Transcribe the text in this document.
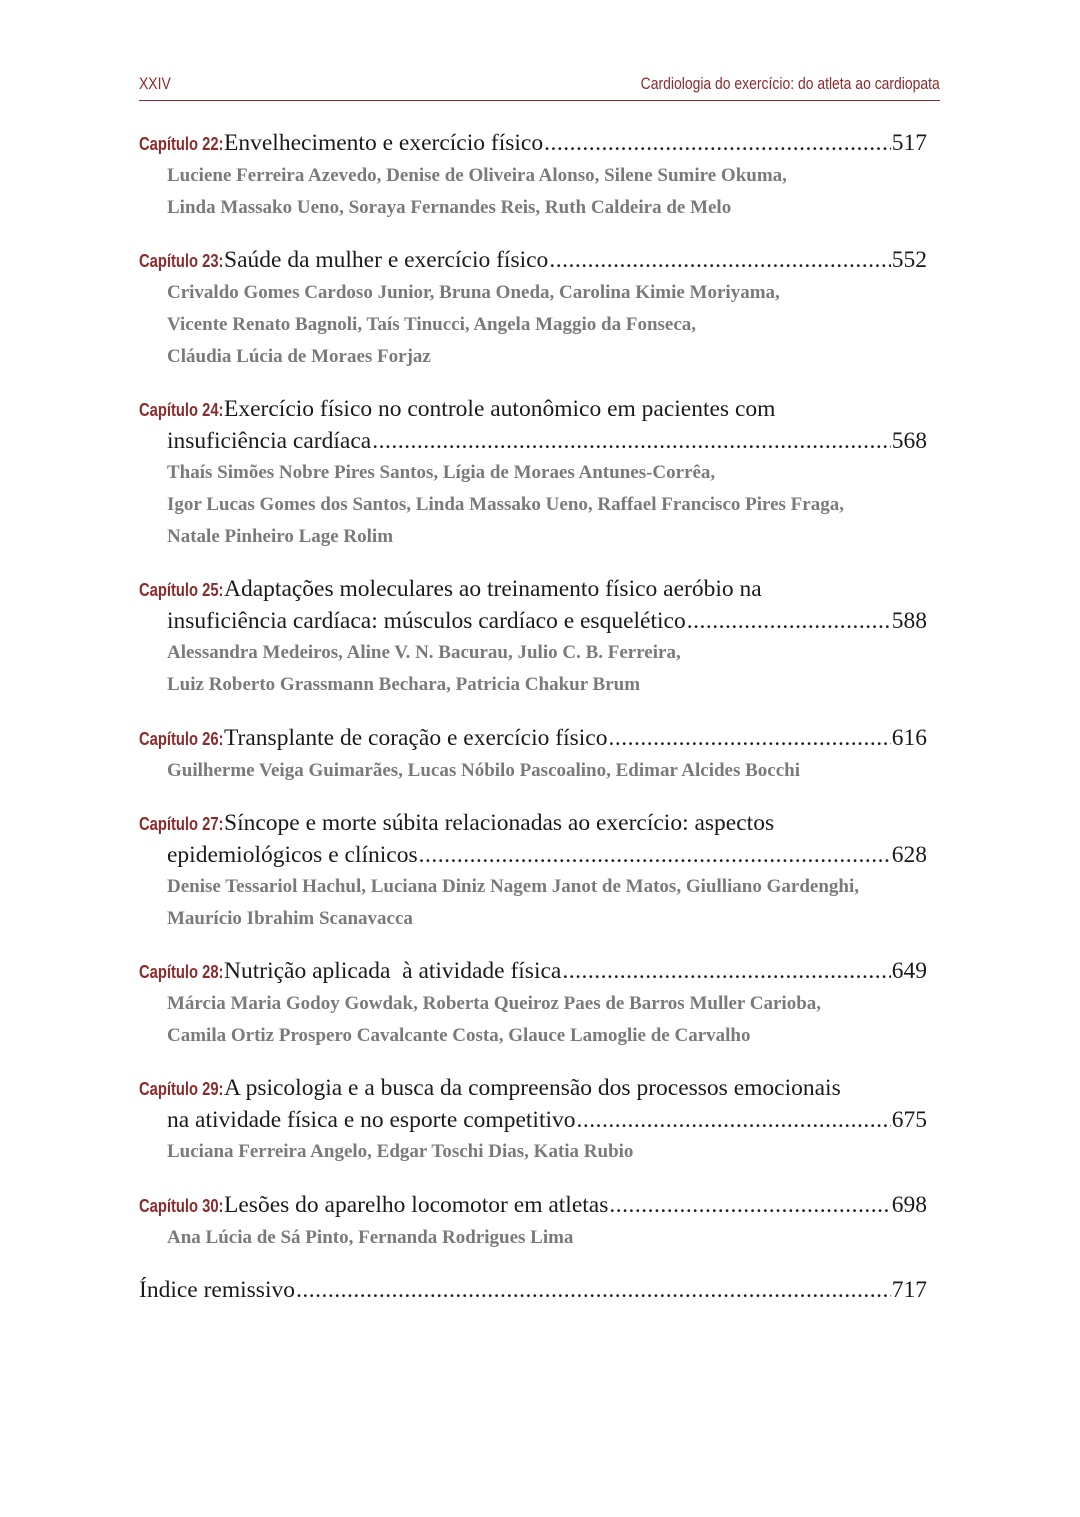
XXIV	Cardiologia do exercício: do atleta ao cardiopata
Capítulo 22: Envelhecimento e exercício físico .....	517
Luciene Ferreira Azevedo, Denise de Oliveira Alonso, Silene Sumire Okuma,
Linda Massako Ueno, Soraya Fernandes Reis, Ruth Caldeira de Melo
Capítulo 23: Saúde da mulher e exercício físico .....	552
Crivaldo Gomes Cardoso Junior, Bruna Oneda, Carolina Kimie Moriyama,
Vicente Renato Bagnoli, Taís Tinucci, Angela Maggio da Fonseca,
Cláudia Lúcia de Moraes Forjaz
Capítulo 24: Exercício físico no controle autonômico em pacientes com
insuficiência cardíaca .....	568
Thaís Simões Nobre Pires Santos, Lígia de Moraes Antunes-Corrêa,
Igor Lucas Gomes dos Santos, Linda Massako Ueno, Raffael Francisco Pires Fraga,
Natale Pinheiro Lage Rolim
Capítulo 25: Adaptações moleculares ao treinamento físico aeróbio na
insuficiência cardíaca: músculos cardíaco e esquelético .....	588
Alessandra Medeiros, Aline V. N. Bacurau, Julio C. B. Ferreira,
Luiz Roberto Grassmann Bechara, Patricia Chakur Brum
Capítulo 26: Transplante de coração e exercício físico .....	616
Guilherme Veiga Guimarães, Lucas Nóbilo Pascoalino, Edimar Alcides Bocchi
Capítulo 27: Síncope e morte súbita relacionadas ao exercício: aspectos
epidemiológicos e clínicos .....	628
Denise Tessariol Hachul, Luciana Diniz Nagem Janot de Matos, Giulliano Gardenghi,
Maurício Ibrahim Scanavacca
Capítulo 28: Nutrição aplicada  à atividade física .....	649
Márcia Maria Godoy Gowdak, Roberta Queiroz Paes de Barros Muller Carioba,
Camila Ortiz Prospero Cavalcante Costa, Glauce Lamoglie de Carvalho
Capítulo 29: A psicologia e a busca da compreensão dos processos emocionais
na atividade física e no esporte competitivo .....	675
Luciana Ferreira Angelo, Edgar Toschi Dias, Katia Rubio
Capítulo 30: Lesões do aparelho locomotor em atletas .....	698
Ana Lúcia de Sá Pinto, Fernanda Rodrigues Lima
Índice remissivo .....	717
